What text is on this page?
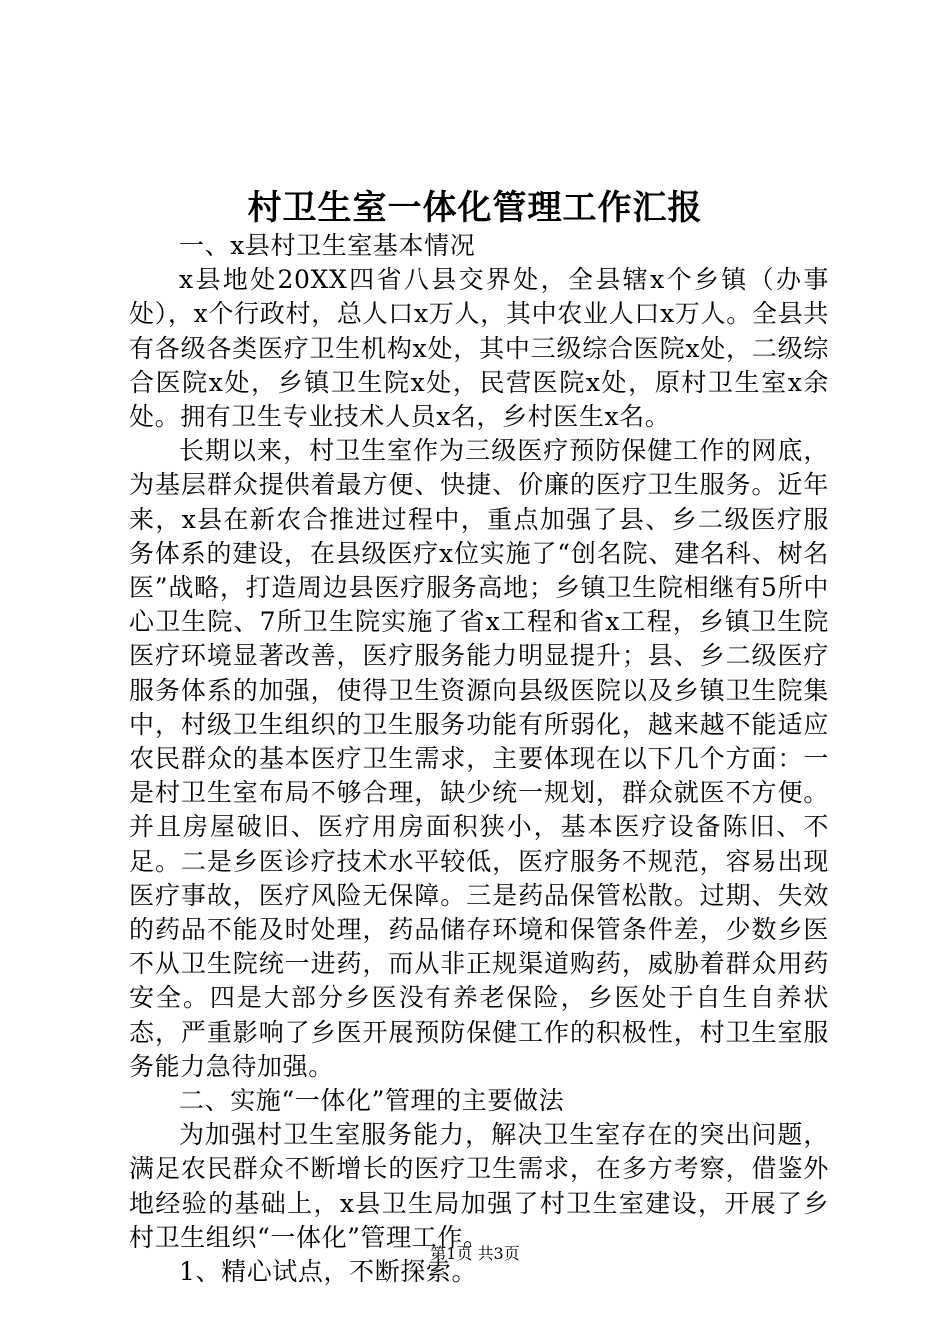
村卫生室一体化管理工作汇报

一、x县村卫生室基本情况

x县地处20XX四省八县交界处，全县辖x个乡镇（办事处），x个行政村，总人口x万人，其中农业人口x万人。全县共有各级各类医疗卫生机构x处，其中三级综合医院x处，二级综合医院x处，乡镇卫生院x处，民营医院x处，原村卫生室x余处。拥有卫生专业技术人员x名，乡村医生x名。

长期以来，村卫生室作为三级医疗预防保健工作的网底，为基层群众提供着最方便、快捷、价廉的医疗卫生服务。近年来，x县在新农合推进过程中，重点加强了县、乡二级医疗服务体系的建设，在县级医疗x位实施了“创名院、建名科、树名医”战略，打造周边县医疗服务高地；乡镇卫生院相继有5所中心卫生院、7所卫生院实施了省x工程和省x工程，乡镇卫生院医疗环境显著改善，医疗服务能力明显提升；县、乡二级医疗服务体系的加强，使得卫生资源向县级医院以及乡镇卫生院集中，村级卫生组织的卫生服务功能有所弱化，越来越不能适应农民群众的基本医疗卫生需求，主要体现在以下几个方面：一是村卫生室布局不够合理，缺少统一规划，群众就医不方便。并且房屋破旧、医疗用房面积狭小，基本医疗设备陈旧、不足。二是乡医诊疗技术水平较低，医疗服务不规范，容易出现医疗事故，医疗风险无保障。三是药品保管松散。过期、失效的药品不能及时处理，药品储存环境和保管条件差，少数乡医不从卫生院统一进药，而从非正规渠道购药，威胁着群众用药安全。四是大部分乡医没有养老保险，乡医处于自生自养状态，严重影响了乡医开展预防保健工作的积极性，村卫生室服务能力急待加强。

二、实施“一体化”管理的主要做法

为加强村卫生室服务能力，解决卫生室存在的突出问题，满足农民群众不断增长的医疗卫生需求，在多方考察，借鉴外地经验的基础上，x县卫生局加强了村卫生室建设，开展了乡村卫生组织“一体化”管理工作。

1、精心试点，不断探索。

第1页 共3页
